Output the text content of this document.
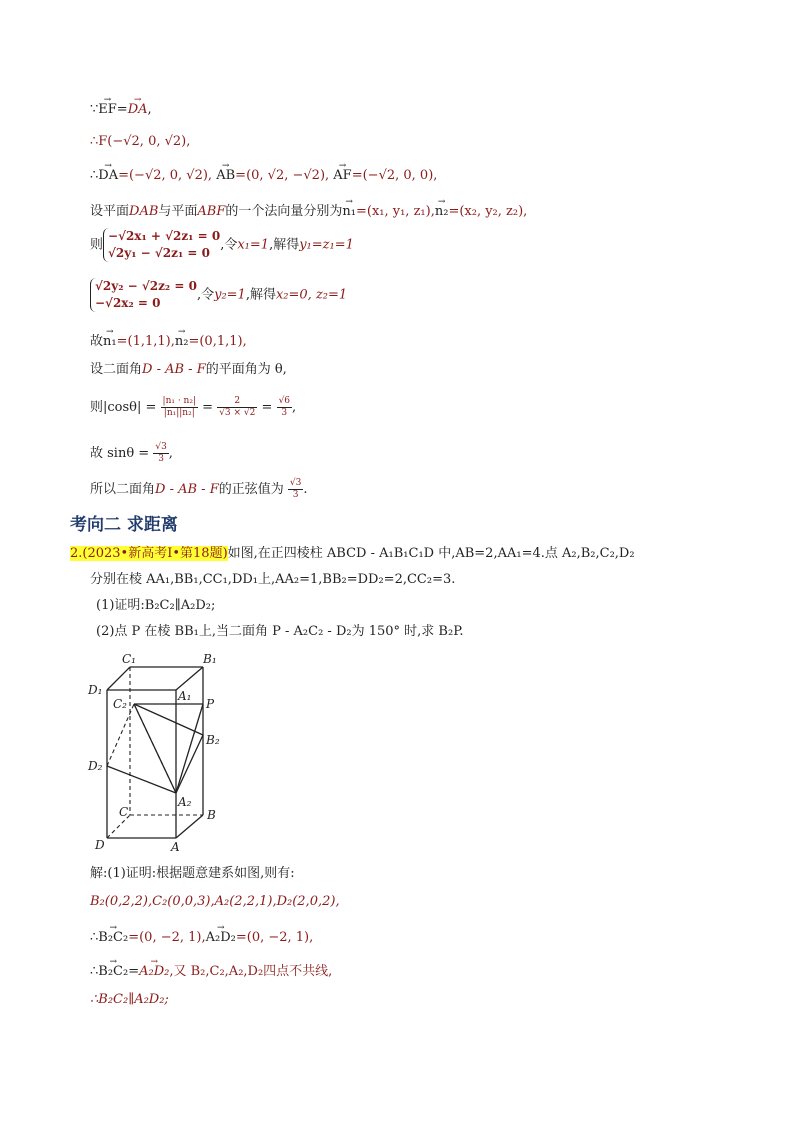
∵→ EF=→ DA,
∴F(−√2, 0, √2),
∴→ DA=(−√2, 0, √2), → AB=(0, √2, −√2), → AF=(−√2, 0, 0),
设平面DAB与平面ABF的一个法向量分别为→ n₁=(x₁, y₁, z₁),→ n₂=(x₂, y₂, z₂),
则−√2x₁ + √2z₁ = 0
√2y₁ − √2z₁ = 0,令x₁=1,解得y₁=z₁=1
√2y₂ − √2z₂ = 0
−√2x₂ = 0,令y₂=1,解得x₂=0, z₂=1
故→ n₁=(1,1,1),→ n₂=(0,1,1),
设二面角D - AB - F的平面角为 θ,
则$|\cos\theta| = \frac{\text{|n₁ · n₂|}}{\text{|n₁||n₂|}} = \frac{2}{√3 \times √2} = \frac{√6}{3}$ ,
故 $\sin\theta = \frac{√3}{3}$ ,
所以二面角D - AB - F的正弦值为 $\frac{√3}{3}$ .
考向二 求距离
2.(2023•新高考Ⅰ•第18题)如图,在正四棱柱 ABCD - A₁B₁C₁D 中,AB=2,AA₁=4.点 A₂,B₂,C₂,D₂
分别在棱 AA₁,BB₁,CC₁,DD₁上,AA₂=1,BB₂=DD₂=2,CC₂=3.
(1)证明:B₂C₂∥A₂D₂;
(2)点 P 在棱 BB₁上,当二面角 P - A₂C₂ - D₂为 150° 时,求 B₂P.
C₁	B₁
D₁	A₁
C₂	P
B₂
D₂
A₂
C	B
D	A
解:(1)证明:根据题意建系如图,则有:
B₂(0,2,2),C₂(0,0,3),A₂(2,2,1),D₂(2,0,2),
∴→ B₂C₂=(0, −2, 1),→ A₂D₂=(0, −2, 1),
∴→ B₂C₂=→ A₂D₂,又 B₂,C₂,A₂,D₂四点不共线,
∴B₂C₂∥A₂D₂;
